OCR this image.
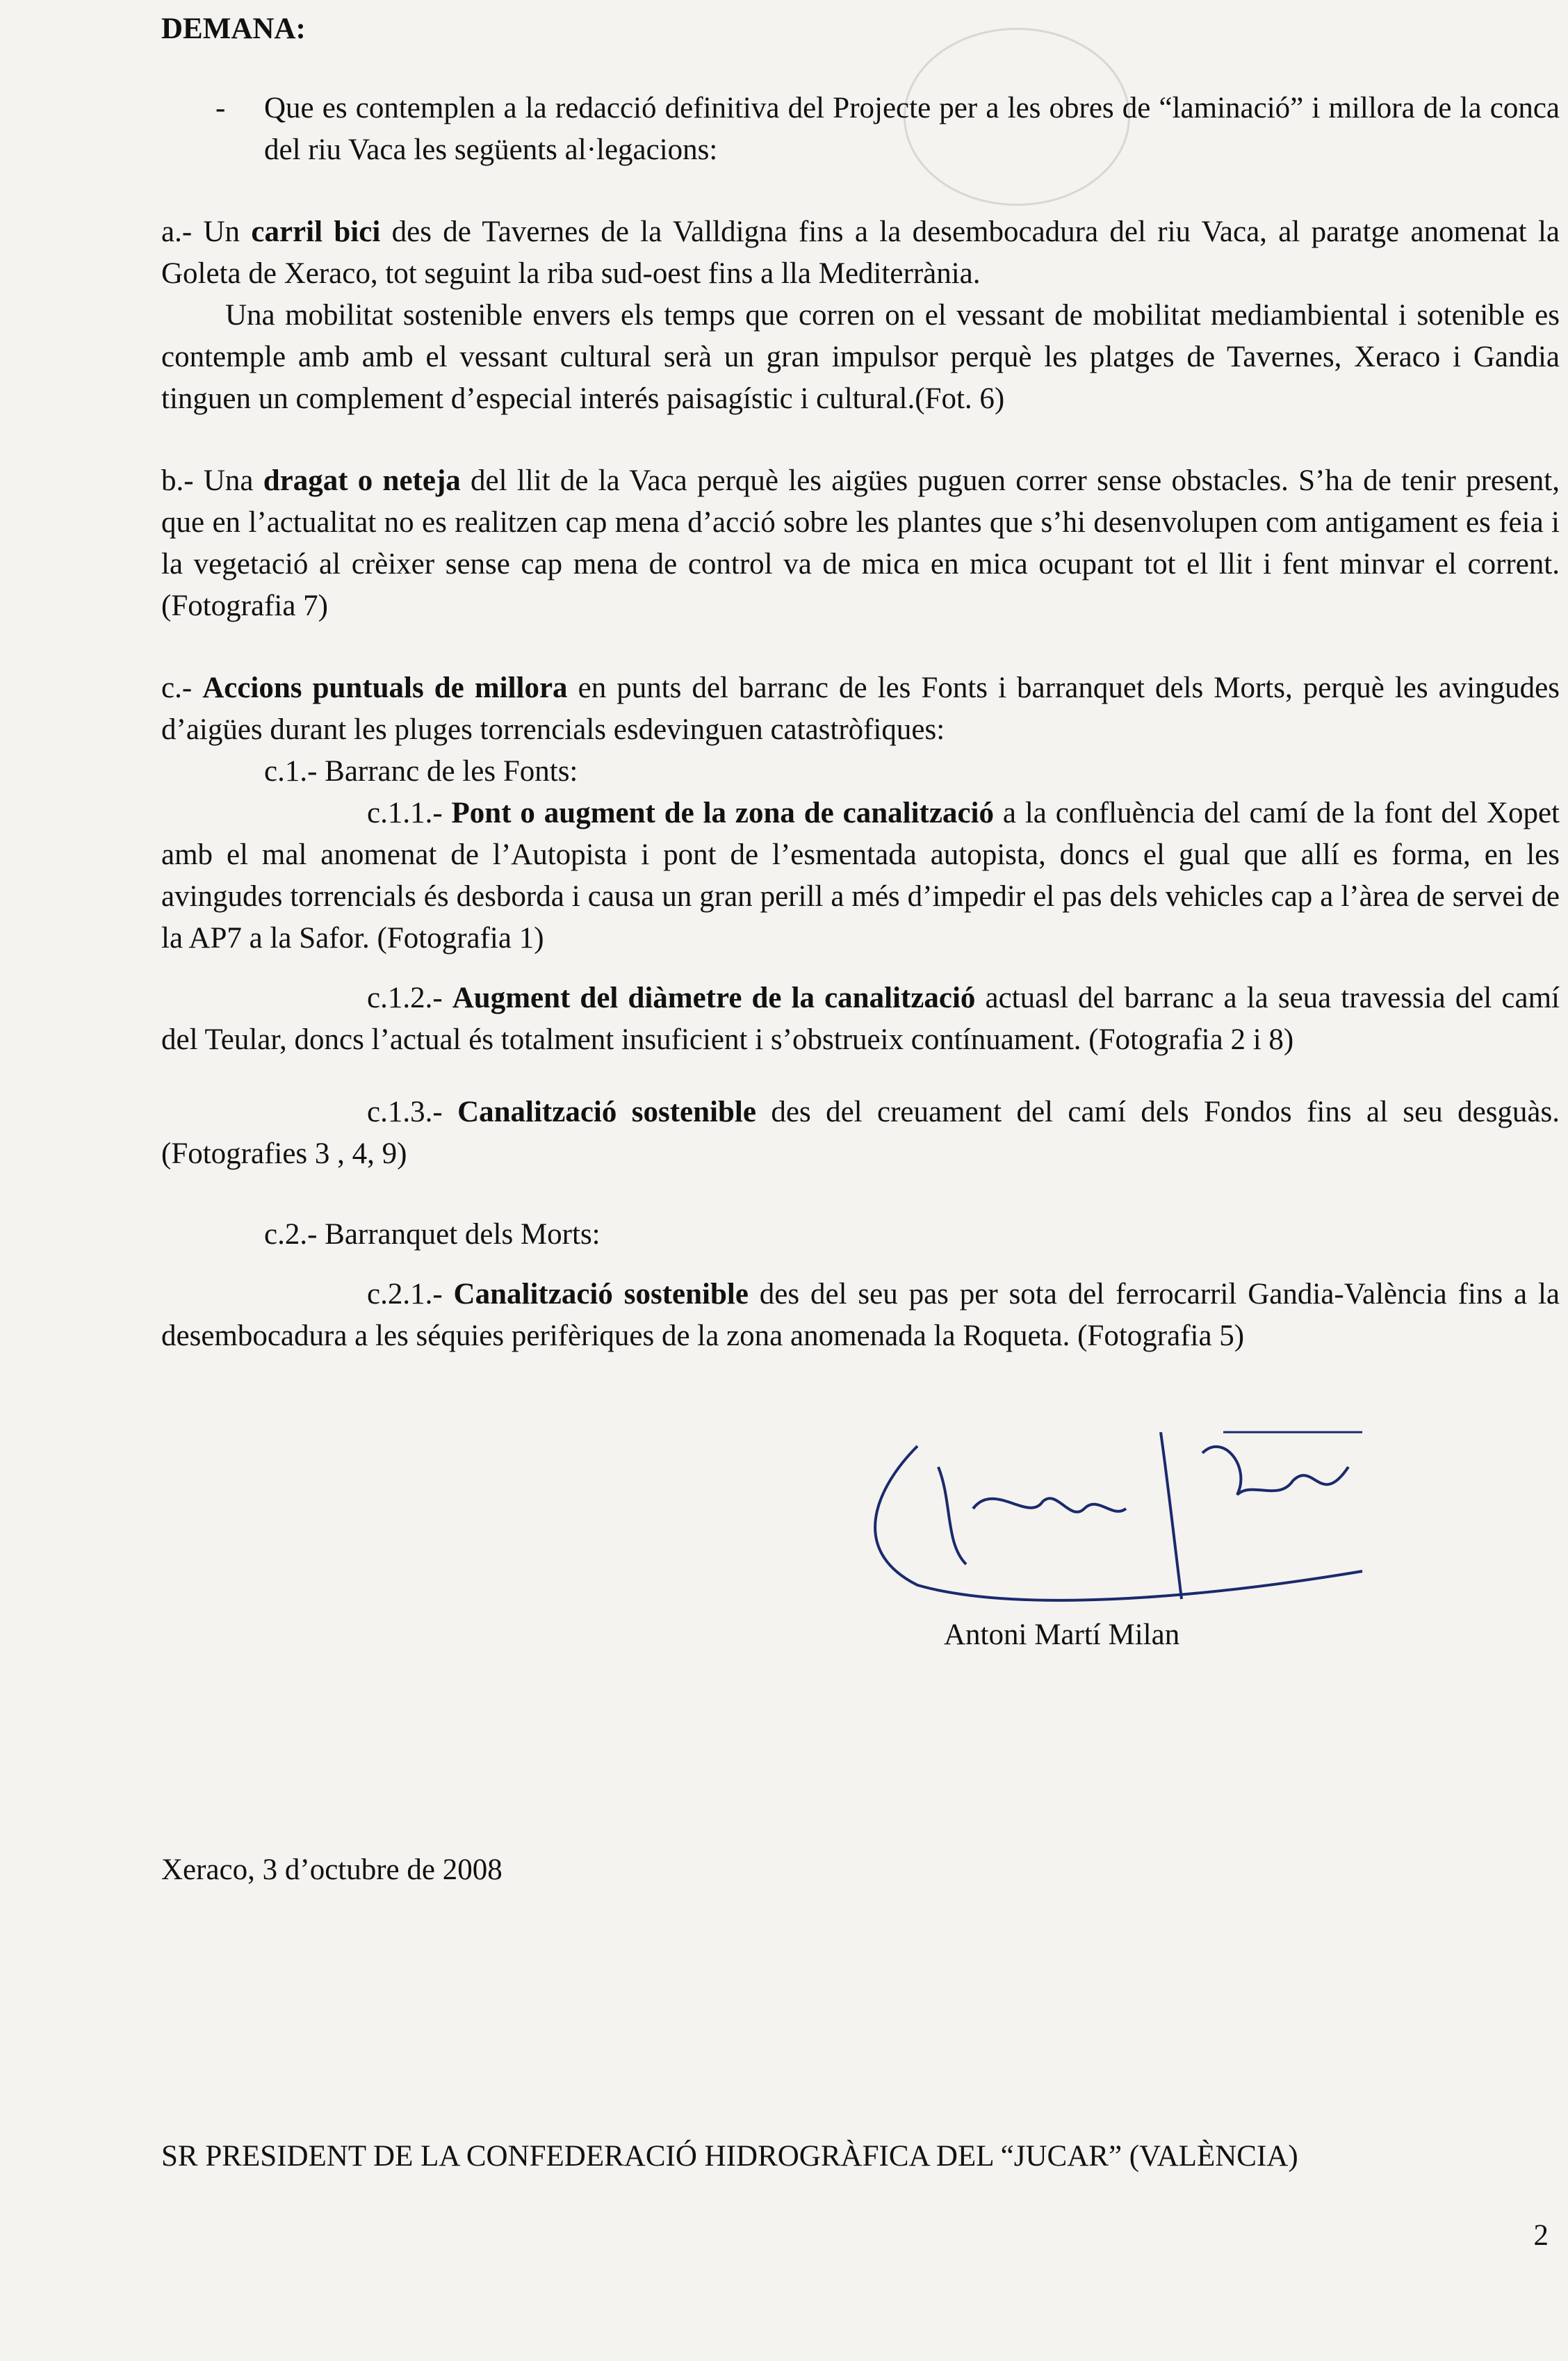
DEMANA:

- Que es contemplen a la redacció definitiva del Projecte per a les obres de “laminació” i millora de la conca del riu Vaca les següents al·legacions:

a.- Un carril bici des de Tavernes de la Valldigna fins a la desembocadura del riu Vaca, al paratge anomenat la Goleta de Xeraco, tot seguint la riba sud-oest fins a lla Mediterrània.

Una mobilitat sostenible envers els temps que corren on el vessant de mobilitat mediambiental i sotenible es contemple amb amb el vessant cultural serà un gran impulsor perquè les platges de Tavernes, Xeraco i Gandia tinguen un complement d’especial interés paisagístic i cultural.(Fot. 6)

b.- Una dragat o neteja del llit de la Vaca perquè les aigües puguen correr sense obstacles. S’ha de tenir present, que en l’actualitat no es realitzen cap mena d’acció sobre les plantes que s’hi desenvolupen com antigament es feia i la vegetació al crèixer sense cap mena de control va de mica en mica ocupant tot el llit i fent minvar el corrent.(Fotografia 7)

c.- Accions puntuals de millora en punts del barranc de les Fonts i barranquet dels Morts, perquè les avingudes d’aigües durant les pluges torrencials esdevinguen catastròfiques:

c.1.- Barranc de les Fonts:

c.1.1.- Pont o augment de la zona de canalització a la confluència del camí de la font del Xopet amb el mal anomenat de l’Autopista i pont de l’esmentada autopista, doncs el gual que allí es forma, en les avingudes torrencials és desborda i causa un gran perill a més d’impedir el pas dels vehicles cap a l’àrea de servei de la AP7 a la Safor. (Fotografia 1)

c.1.2.- Augment del diàmetre de la canalització actuasl del barranc a la seua travessia del camí del Teular, doncs l’actual és totalment insuficient i s’obstrueix contínuament. (Fotografia 2 i 8)

c.1.3.- Canalització sostenible des del creuament del camí dels Fondos fins al seu desguàs. (Fotografies 3 , 4, 9)

c.2.- Barranquet dels Morts:

c.2.1.- Canalització sostenible des del seu pas per sota del ferrocarril Gandia-València fins a la desembocadura a les séquies perifèriques de la zona anomenada la Roqueta. (Fotografia 5)

Antoni Martí Milan
Xeraco, 3 d’octubre de 2008
SR PRESIDENT DE LA CONFEDERACIÓ HIDROGRÀFICA DEL “JUCAR” (VALÈNCIA)
2
